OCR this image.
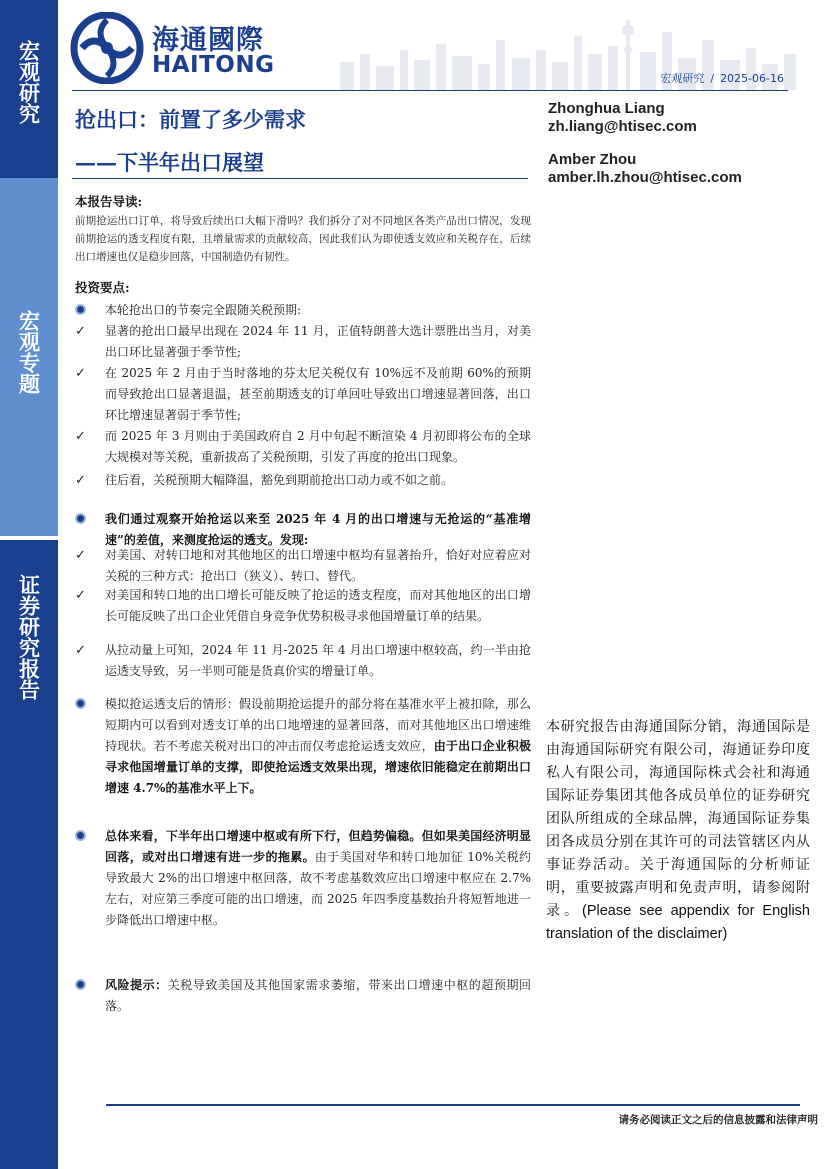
宏观研究
宏观专题
证券研究报告
海通國際
HAITONG
宏观研究 / 2025-06-16
抢出口：前置了多少需求
——下半年出口展望
Zhonghua Liang
zh.liang@htisec.com
Amber Zhou
amber.lh.zhou@htisec.com
本报告导读:
前期抢运出口订单，将导致后续出口大幅下滑吗？我们拆分了对不同地区各类产品出口情况，发现前期抢运的透支程度有限，且增量需求的贡献较高，因此我们认为即使透支效应和关税存在，后续出口增速也仅是稳步回落，中国制造仍有韧性。
投资要点:
本轮抢出口的节奏完全跟随关税预期:
✓	显著的抢出口最早出现在 2024 年 11 月，正值特朗普大选计票胜出当月，对美出口环比显著强于季节性;
✓	在 2025 年 2 月由于当时落地的芬太尼关税仅有 10%远不及前期 60%的预期而导致抢出口显著退温，甚至前期透支的订单回吐导致出口增速显著回落，出口环比增速显著弱于季节性;
✓	而 2025 年 3 月则由于美国政府自 2 月中旬起不断渲染 4 月初即将公布的全球大规模对等关税，重新拔高了关税预期，引发了再度的抢出口现象。
✓	往后看，关税预期大幅降温，豁免到期前抢出口动力或不如之前。
我们通过观察开始抢运以来至 2025 年 4 月的出口增速与无抢运的“基准增速”的差值，来测度抢运的透支。发现:
✓	对美国、对转口地和对其他地区的出口增速中枢均有显著抬升，恰好对应着应对关税的三种方式：抢出口（狭义）、转口、替代。
✓	对美国和转口地的出口增长可能反映了抢运的透支程度，而对其他地区的出口增长可能反映了出口企业凭借自身竞争优势积极寻求他国增量订单的结果。
✓	从拉动量上可知，2024 年 11 月-2025 年 4 月出口增速中枢较高，约一半由抢运透支导致，另一半则可能是货真价实的增量订单。
模拟抢运透支后的情形：假设前期抢运提升的部分将在基准水平上被扣除，那么短期内可以看到对透支订单的出口地增速的显著回落，而对其他地区出口增速维持现状。若不考虑关税对出口的冲击而仅考虑抢运透支效应，由于出口企业积极寻求他国增量订单的支撑，即使抢运透支效果出现，增速依旧能稳定在前期出口增速 4.7%的基准水平上下。
总体来看，下半年出口增速中枢或有所下行，但趋势偏稳。但如果美国经济明显回落，或对出口增速有进一步的拖累。由于美国对华和转口地加征 10%关税约导致最大 2%的出口增速中枢回落，故不考虑基数效应出口增速中枢应在 2.7%左右，对应第三季度可能的出口增速，而 2025 年四季度基数抬升将短暂地进一步降低出口增速中枢。
风险提示：关税导致美国及其他国家需求萎缩，带来出口增速中枢的超预期回落。
本研究报告由海通国际分销，海通国际是由海通国际研究有限公司，海通证券印度私人有限公司，海通国际株式会社和海通国际证券集团其他各成员单位的证券研究团队所组成的全球品牌，海通国际证券集团各成员分别在其许可的司法管辖区内从事证券活动。关于海通国际的分析师证明，重要披露声明和免责声明，请参阅附录。(Please see appendix for English translation of the disclaimer)
请务必阅读正文之后的信息披露和法律声明
